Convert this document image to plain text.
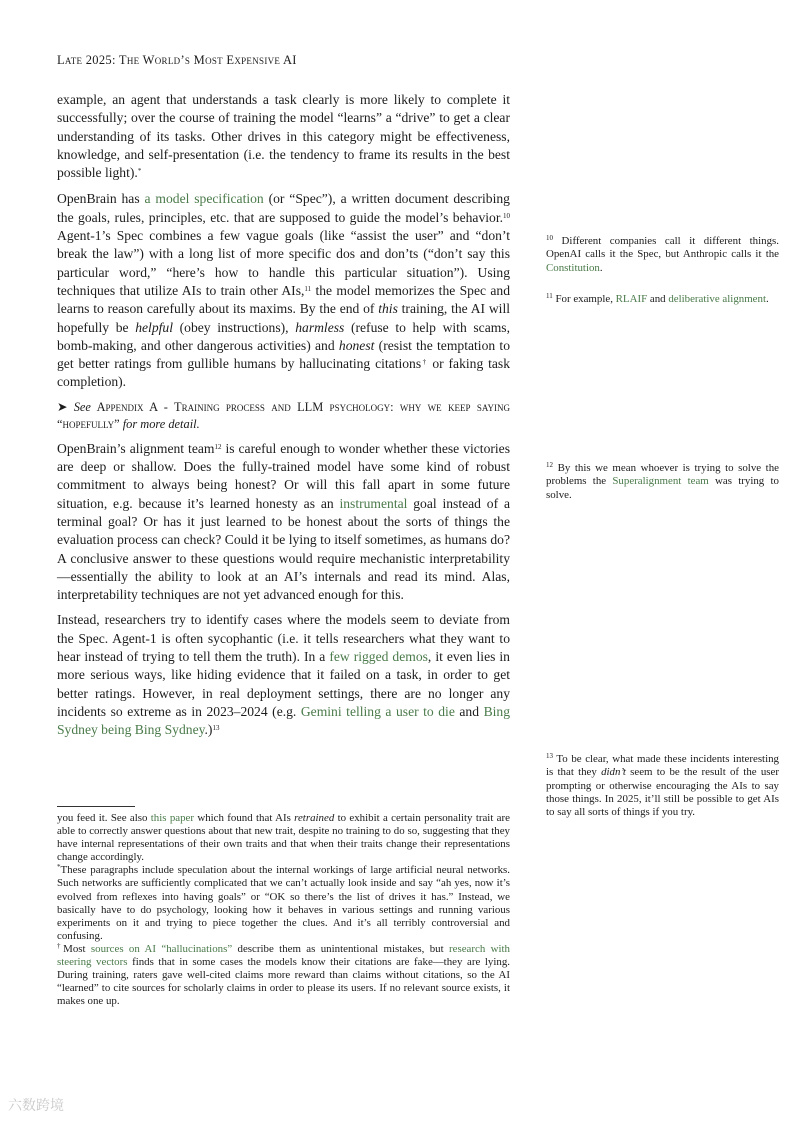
Late 2025: The World’s Most Expensive AI

example, an agent that understands a task clearly is more likely to complete it successfully; over the course of training the model “learns” a “drive” to get a clear understanding of its tasks. Other drives in this category might be effectiveness, knowledge, and self-presentation (i.e. the tendency to frame its results in the best possible light).*

OpenBrain has a model specification (or “Spec”), a written document describing the goals, rules, principles, etc. that are supposed to guide the model’s behavior.$^{10}$ Agent-1’s Spec combines a few vague goals (like “assist the user” and “don’t break the law”) with a long list of more specific dos and don’ts (“don’t say this particular word,” “here’s how to handle this particular situation”). Using techniques that utilize AIs to train other AIs,$^{11}$ the model memorizes the Spec and learns to reason carefully about its maxims. By the end of this training, the AI will hopefully be helpful (obey instructions), harmless (refuse to help with scams, bomb-making, and other dangerous activities) and honest (resist the temptation to get better ratings from gullible humans by hallucinating citations† or faking task completion).

➤ See Appendix A - Training process and LLM psychology: why we keep saying “hopefully” for more detail.

OpenBrain’s alignment team$^{12}$ is careful enough to wonder whether these victories are deep or shallow. Does the fully-trained model have some kind of robust commitment to always being honest? Or will this fall apart in some future situation, e.g. because it’s learned honesty as an instrumental goal instead of a terminal goal? Or has it just learned to be honest about the sorts of things the evaluation process can check? Could it be lying to itself sometimes, as humans do? A conclusive answer to these questions would require mechanistic interpretability—essentially the ability to look at an AI’s internals and read its mind. Alas, interpretability techniques are not yet advanced enough for this.

Instead, researchers try to identify cases where the models seem to deviate from the Spec. Agent-1 is often sycophantic (i.e. it tells researchers what they want to hear instead of trying to tell them the truth). In a few rigged demos, it even lies in more serious ways, like hiding evidence that it failed on a task, in order to get better ratings. However, in real deployment settings, there are no longer any incidents so extreme as in 2023–2024 (e.g. Gemini telling a user to die and Bing Sydney being Bing Sydney.)$^{13}$

$^{10}$ Different companies call it different things. OpenAI calls it the Spec, but Anthropic calls it the Constitution.
$^{11}$ For example, RLAIF and deliberative alignment.
$^{12}$ By this we mean whoever is trying to solve the problems the Superalignment team was trying to solve.
$^{13}$ To be clear, what made these incidents interesting is that they didn’t seem to be the result of the user prompting or otherwise encouraging the AIs to say those things. In 2025, it’ll still be possible to get AIs to say all sorts of things if you try.

you feed it. See also this paper which found that AIs retrained to exhibit a certain personality trait are able to correctly answer questions about that new trait, despite no training to do so, suggesting that they have internal representations of their own traits and that when their traits change their representations change accordingly.

*These paragraphs include speculation about the internal workings of large artificial neural networks. Such networks are sufficiently complicated that we can’t actually look inside and say “ah yes, now it’s evolved from reflexes into having goals” or “OK so there’s the list of drives it has.” Instead, we basically have to do psychology, looking how it behaves in various settings and running various experiments on it and trying to piece together the clues. And it’s all terribly controversial and confusing.

†Most sources on AI “hallucinations” describe them as unintentional mistakes, but research with steering vectors finds that in some cases the models know their citations are fake—they are lying. During training, raters gave well-cited claims more reward than claims without citations, so the AI “learned” to cite sources for scholarly claims in order to please its users. If no relevant source exists, it makes one up.

六数跨境
